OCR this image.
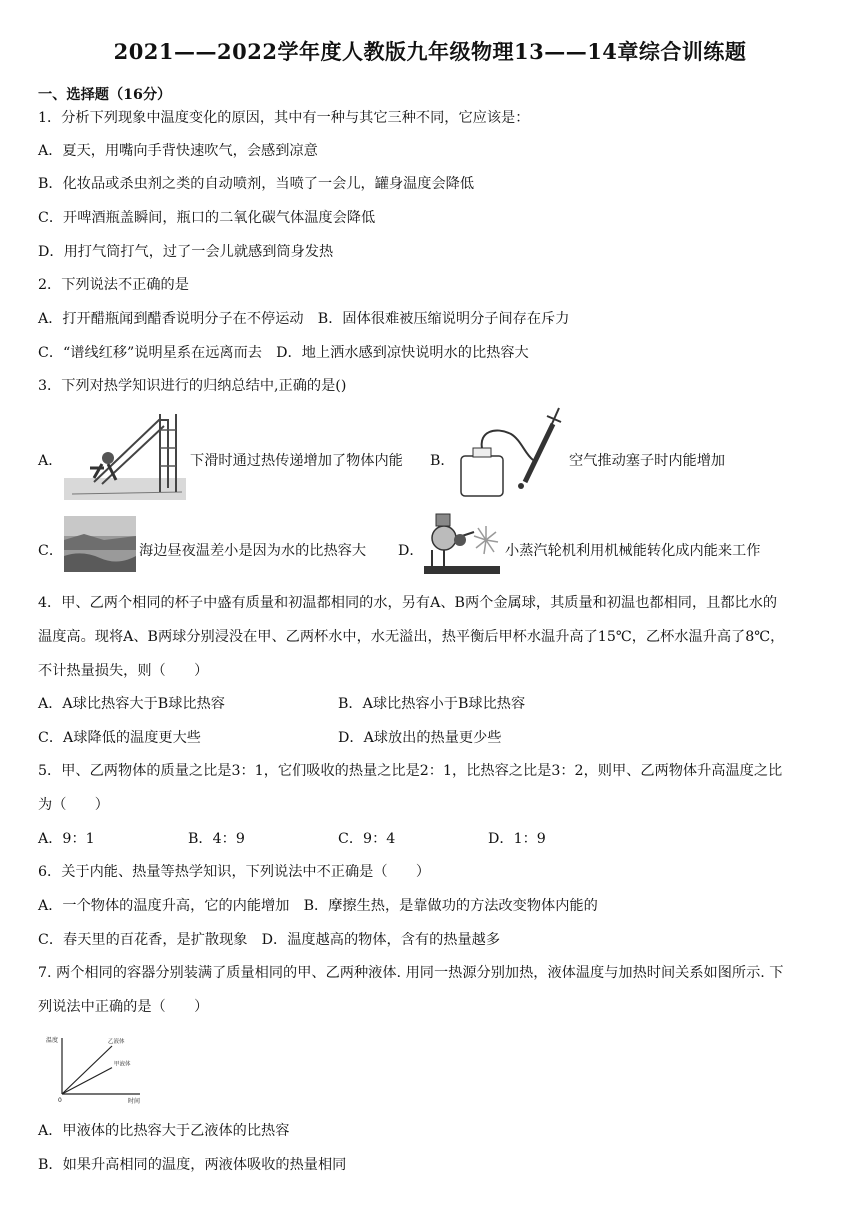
2021——2022学年度人教版九年级物理13——14章综合训练题
一、选择题（16分）
1．分析下列现象中温度变化的原因，其中有一种与其它三种不同，它应该是：
A．夏天，用嘴向手背快速吹气，会感到凉意
B．化妆品或杀虫剂之类的自动喷剂，当喷了一会儿，罐身温度会降低
C．开啤酒瓶盖瞬间，瓶口的二氧化碳气体温度会降低
D．用打气筒打气，过了一会儿就感到筒身发热
2．下列说法不正确的是
A．打开醋瓶闻到醋香说明分子在不停运动　B．固体很难被压缩说明分子间存在斥力
C．“谱线红移”说明星系在远离而去　D．地上洒水感到凉快说明水的比热容大
3．下列对热学知识进行的归纳总结中,正确的是()
A．	下滑时通过热传递增加了物体内能 B．	空气推动塞子时内能增加
C．	海边昼夜温差小是因为水的比热容大 D．	小蒸汽轮机利用机械能转化成内能来工作
4．甲、乙两个相同的杯子中盛有质量和初温都相同的水，另有A、B两个金属球，其质量和初温也都相同，且都比水的
温度高。现将A、B两球分别浸没在甲、乙两杯水中，水无溢出，热平衡后甲杯水温升高了15℃，乙杯水温升高了8℃，
不计热量损失，则（　　）
A．A球比热容大于B球比热容	B．A球比热容小于B球比热容
C．A球降低的温度更大些	D．A球放出的热量更少些
5．甲、乙两物体的质量之比是3：1，它们吸收的热量之比是2：1，比热容之比是3：2，则甲、乙两物体升高温度之比
为（　　）
A．9：1	B．4：9	C．9：4	D．1：9
6．关于内能、热量等热学知识，下列说法中不正确是（　　）
A．一个物体的温度升高，它的内能增加　B．摩擦生热，是靠做功的方法改变物体内能的
C．春天里的百花香，是扩散现象　D．温度越高的物体，含有的热量越多
7. 两个相同的容器分别装满了质量相同的甲、乙两种液体. 用同一热源分别加热，液体温度与加热时间关系如图所示. 下
列说法中正确的是（　　）
温度
时间
0
乙液体
甲液体
A．甲液体的比热容大于乙液体的比热容
B．如果升高相同的温度，两液体吸收的热量相同
